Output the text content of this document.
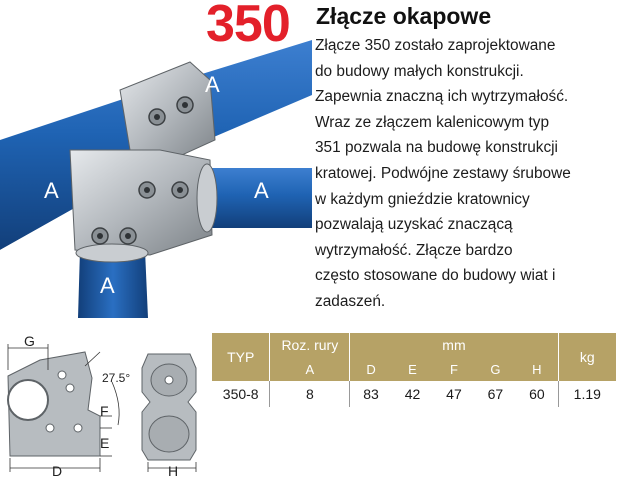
350 Złącze okapowe
A
A	A
A
Złącze 350 zostało zaprojektowane
do budowy małych konstrukcji.
Zapewnia znaczną ich wytrzymałość.
Wraz ze złączem kalenicowym typ
351 pozwala na budowę konstrukcji
kratowej. Podwójne zestawy śrubowe
w każdym gnieździe kratownicy
pozwalają uzyskać znaczącą
wytrzymałość. Złącze bardzo
często stosowane do budowy wiat i
zadaszeń.
G
27.5°
F
E
D	H
TYP	Roz. rury	mm					kg
	A	D	E	F	G	H	
350-8	8	83	42	47	67	60	1.19
